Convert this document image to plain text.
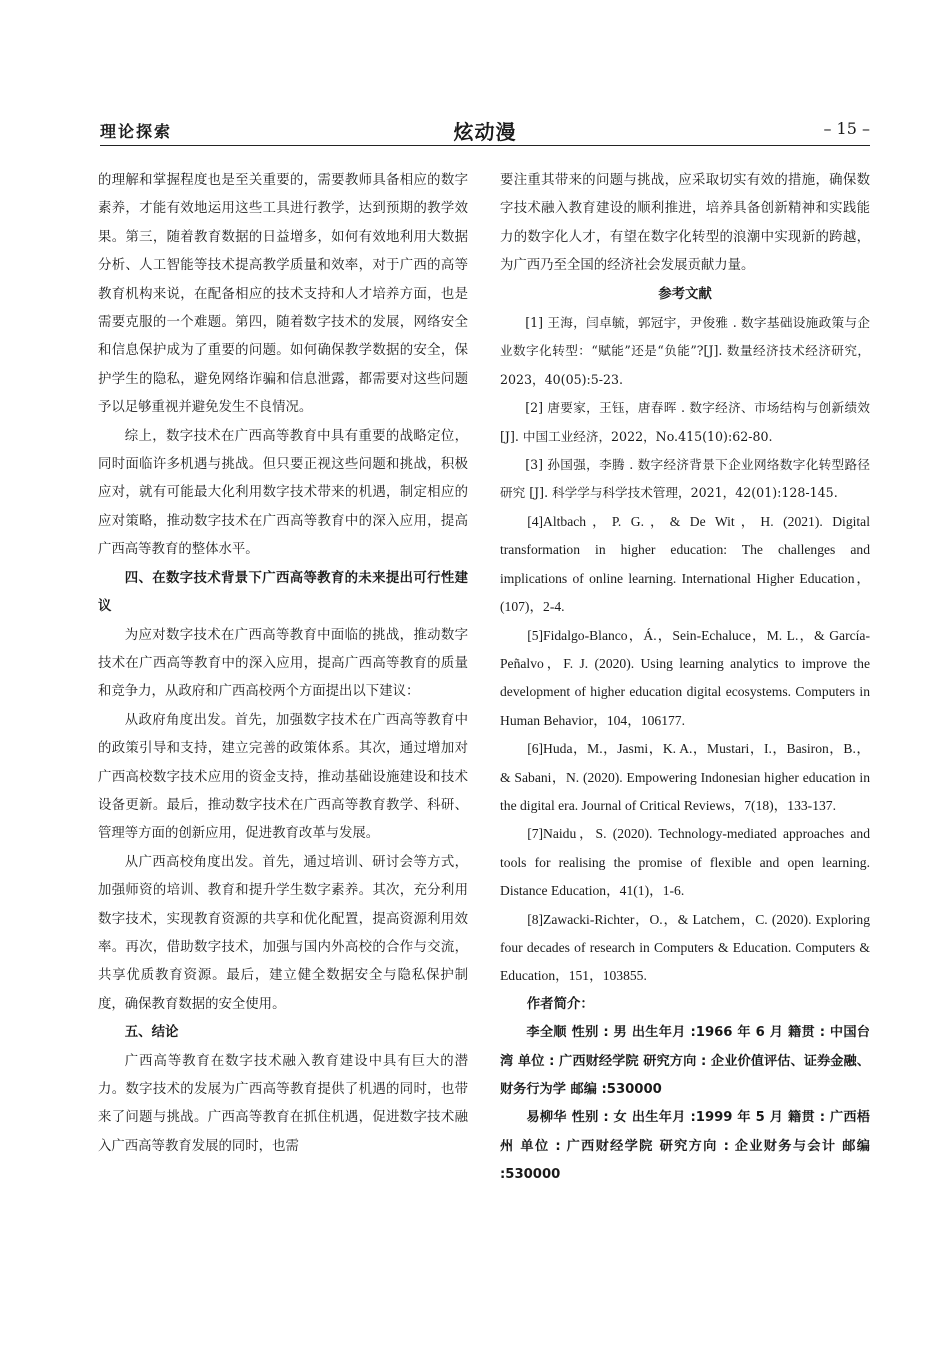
理论探索	炫动漫	– 15 –

的理解和掌握程度也是至关重要的，需要教师具备相应的数字素养，才能有效地运用这些工具进行教学，达到预期的教学效果。第三，随着教育数据的日益增多，如何有效地利用大数据分析、人工智能等技术提高教学质量和效率，对于广西的高等教育机构来说，在配备相应的技术支持和人才培养方面，也是需要克服的一个难题。第四，随着数字技术的发展，网络安全和信息保护成为了重要的问题。如何确保教学数据的安全，保护学生的隐私，避免网络诈骗和信息泄露，都需要对这些问题予以足够重视并避免发生不良情况。

综上，数字技术在广西高等教育中具有重要的战略定位，同时面临许多机遇与挑战。但只要正视这些问题和挑战，积极应对，就有可能最大化利用数字技术带来的机遇，制定相应的应对策略，推动数字技术在广西高等教育中的深入应用，提高广西高等教育的整体水平。

四、在数字技术背景下广西高等教育的未来提出可行性建议

为应对数字技术在广西高等教育中面临的挑战，推动数字技术在广西高等教育中的深入应用，提高广西高等教育的质量和竞争力，从政府和广西高校两个方面提出以下建议：

从政府角度出发。首先，加强数字技术在广西高等教育中的政策引导和支持，建立完善的政策体系。其次，通过增加对广西高校数字技术应用的资金支持，推动基础设施建设和技术设备更新。最后，推动数字技术在广西高等教育教学、科研、管理等方面的创新应用，促进教育改革与发展。

从广西高校角度出发。首先，通过培训、研讨会等方式，加强师资的培训、教育和提升学生数字素养。其次，充分利用数字技术，实现教育资源的共享和优化配置，提高资源利用效率。再次，借助数字技术，加强与国内外高校的合作与交流，共享优质教育资源。最后，建立健全数据安全与隐私保护制度，确保教育数据的安全使用。

五、结论

广西高等教育在数字技术融入教育建设中具有巨大的潜力。数字技术的发展为广西高等教育提供了机遇的同时，也带来了问题与挑战。广西高等教育在抓住机遇，促进数字技术融入广西高等教育发展的同时，也需

要注重其带来的问题与挑战，应采取切实有效的措施，确保数字技术融入教育建设的顺利推进，培养具备创新精神和实践能力的数字化人才，有望在数字化转型的浪潮中实现新的跨越，为广西乃至全国的经济社会发展贡献力量。

参考文献

[1] 王海，闫卓毓，郭冠宇，尹俊雅 . 数字基础设施政策与企业数字化转型：“赋能”还是“负能”?[J]. 数量经济技术经济研究，2023，40(05):5-23.

[2] 唐要家，王钰，唐春晖 . 数字经济、市场结构与创新绩效 [J]. 中国工业经济，2022，No.415(10):62-80.

[3] 孙国强，李腾 . 数字经济背景下企业网络数字化转型路径研究 [J]. 科学学与科学技术管理，2021，42(01):128-145.

[4]Altbach，P. G.，& De Wit，H. (2021). Digital transformation in higher education: The challenges and implications of online learning. International Higher Education，(107)，2-4.

[5]Fidalgo-Blanco，Á.，Sein-Echaluce，M. L.，& García-Peñalvo，F. J. (2020). Using learning analytics to improve the development of higher education digital ecosystems. Computers in Human Behavior，104，106177.

[6]Huda，M.，Jasmi，K. A.，Mustari，I.，Basiron，B.，& Sabani，N. (2020). Empowering Indonesian higher education in the digital era. Journal of Critical Reviews，7(18)，133-137.

[7]Naidu，S. (2020). Technology-mediated approaches and tools for realising the promise of flexible and open learning. Distance Education，41(1)，1-6.

[8]Zawacki-Richter，O.，& Latchem，C. (2020). Exploring four decades of research in Computers & Education. Computers & Education，151，103855.

作者简介：

李全顺 性别 : 男 出生年月 :1966 年 6 月 籍贯 : 中国台湾 单位 : 广西财经学院 研究方向 : 企业价值评估、证券金融、财务行为学 邮编 :530000

易柳华 性别 : 女 出生年月 :1999 年 5 月 籍贯 : 广西梧州 单位 : 广西财经学院 研究方向 : 企业财务与会计 邮编 :530000
